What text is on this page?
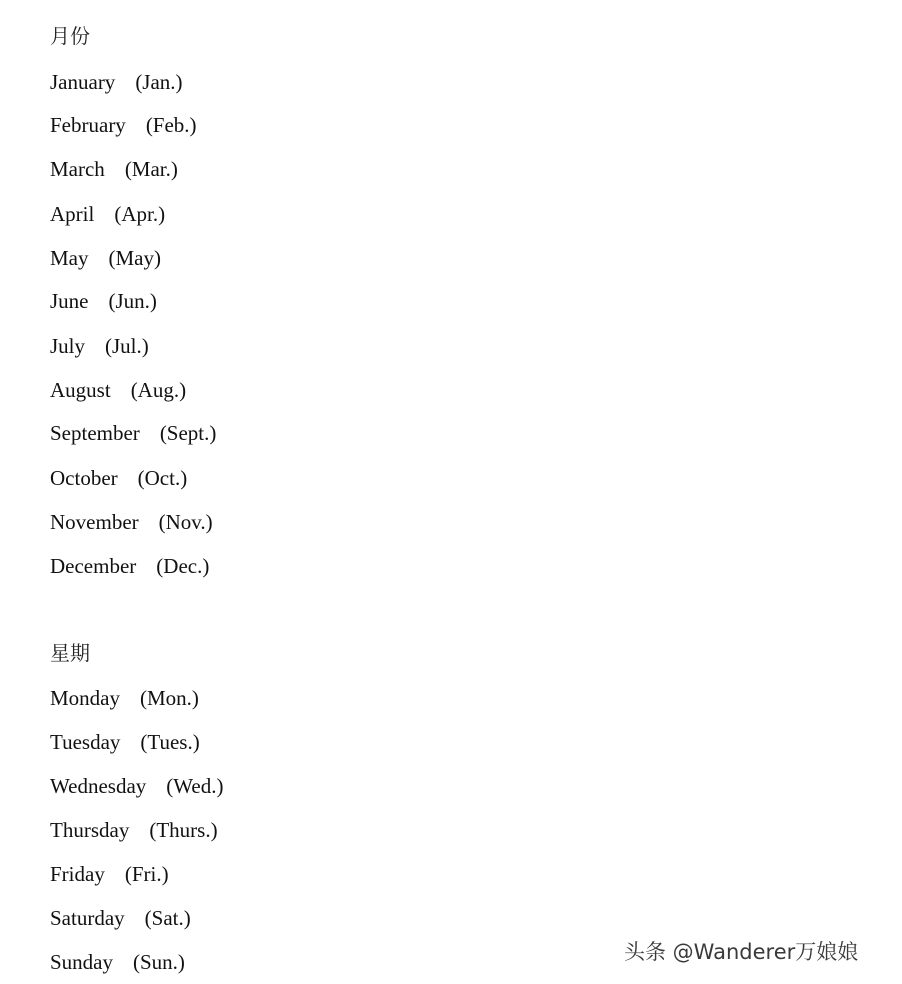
月份
January (Jan.)
February (Feb.)
March (Mar.)
April (Apr.)
May (May)
June (Jun.)
July (Jul.)
August (Aug.)
September (Sept.)
October (Oct.)
November (Nov.)
December (Dec.)
星期
Monday (Mon.)
Tuesday (Tues.)
Wednesday (Wed.)
Thursday (Thurs.)
Friday (Fri.)
Saturday (Sat.)
Sunday (Sun.)	头条 @Wanderer万娘娘
